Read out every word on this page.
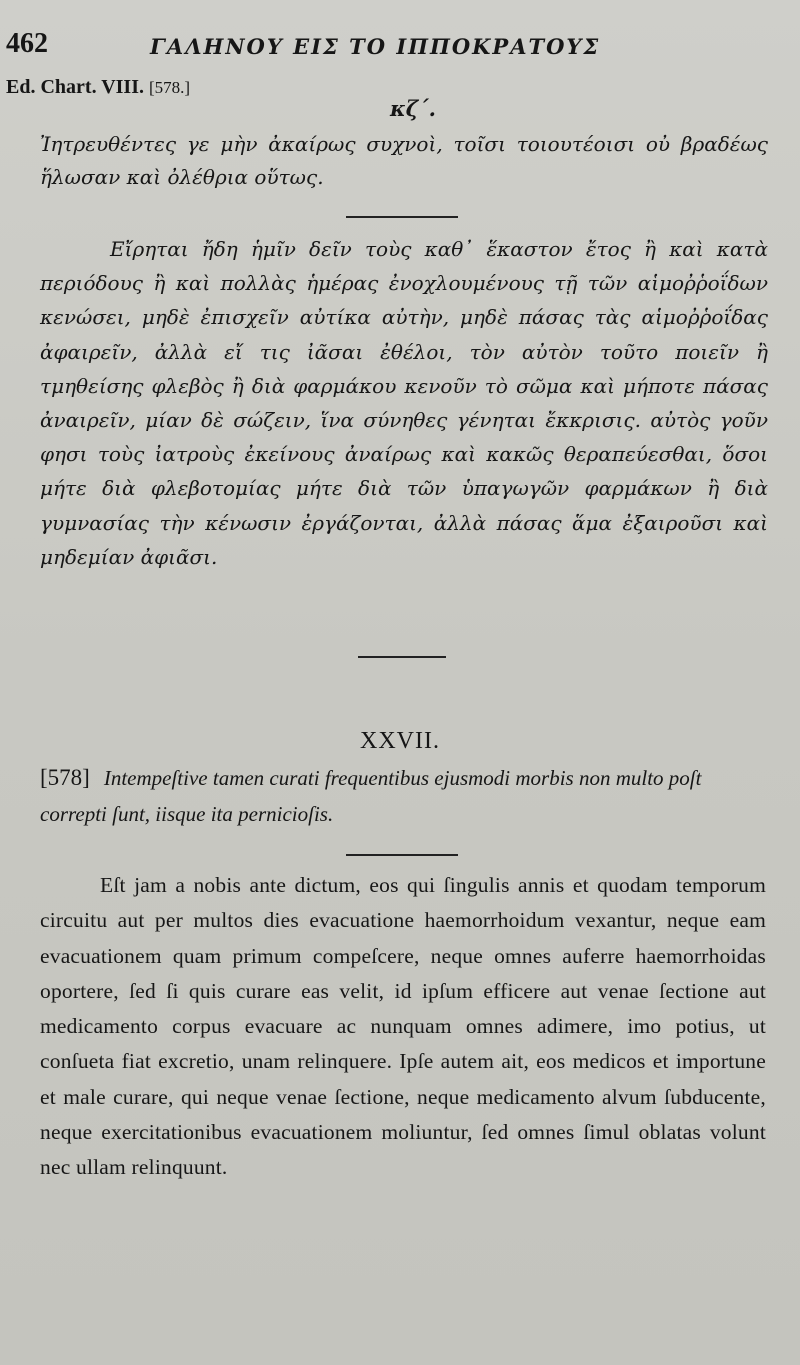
462	ΓΑΛΗΝΟΥ ΕΙΣ ΤΟ ΙΠΠΟΚΡΑΤΟΥΣ
Ed. Chart. VIII. [578.]
κζ΄.
Ἰητρευθέντες γε μὴν ἀκαίρως συχνοὶ, τοῖσι τοιουτέοισι οὐ βραδέως ἥλωσαν καὶ ὀλέθρια οὕτως.
Εἴρηται ἤδη ἡμῖν δεῖν τοὺς καθ᾽ ἕκαστον ἔτος ἢ καὶ κατὰ περιόδους ἢ καὶ πολλὰς ἡμέρας ἐνοχλουμένους τῇ τῶν αἱμοῤῥοΐδων κενώσει, μηδὲ ἐπισχεῖν αὐτίκα αὐτὴν, μηδὲ πάσας τὰς αἱμοῤῥοΐδας ἀφαιρεῖν, ἀλλὰ εἴ τις ἰᾶσαι ἐθέλοι, τὸν αὐτὸν τοῦτο ποιεῖν ἢ τμηθείσης φλεβὸς ἢ διὰ φαρμάκου κενοῦν τὸ σῶμα καὶ μήποτε πάσας ἀναιρεῖν, μίαν δὲ σώζειν, ἵνα σύνηθες γένηται ἔκκρισις. αὐτὸς γοῦν φησι τοὺς ἰατροὺς ἐκείνους ἀναίρως καὶ κακῶς θεραπεύεσθαι, ὅσοι μήτε διὰ φλεβοτομίας μήτε διὰ τῶν ὑπαγωγῶν φαρμάκων ἢ διὰ γυμνασίας τὴν κένωσιν ἐργάζονται, ἀλλὰ πάσας ἅμα ἐξαιροῦσι καὶ μηδεμίαν ἀφιᾶσι.
XXVII.
[578] Intempeſtive tamen curati frequentibus ejusmodi morbis non multo poſt correpti ſunt, iisque ita pernicioſis.
Eſt jam a nobis ante dictum, eos qui ſingulis annis et quodam temporum circuitu aut per multos dies evacuatione haemorrhoidum vexantur, neque eam evacuationem quam primum compeſcere, neque omnes auferre haemorrhoidas oportere, ſed ſi quis curare eas velit, id ipſum efficere aut venae ſectione aut medicamento corpus evacuare ac nunquam omnes adimere, imo potius, ut conſueta fiat excretio, unam relinquere. Ipſe autem ait, eos medicos et importune et male curare, qui neque venae ſectione, neque medicamento alvum ſubducente, neque exercitationibus evacuationem moliuntur, ſed omnes ſimul oblatas volunt nec ullam relinquunt.
